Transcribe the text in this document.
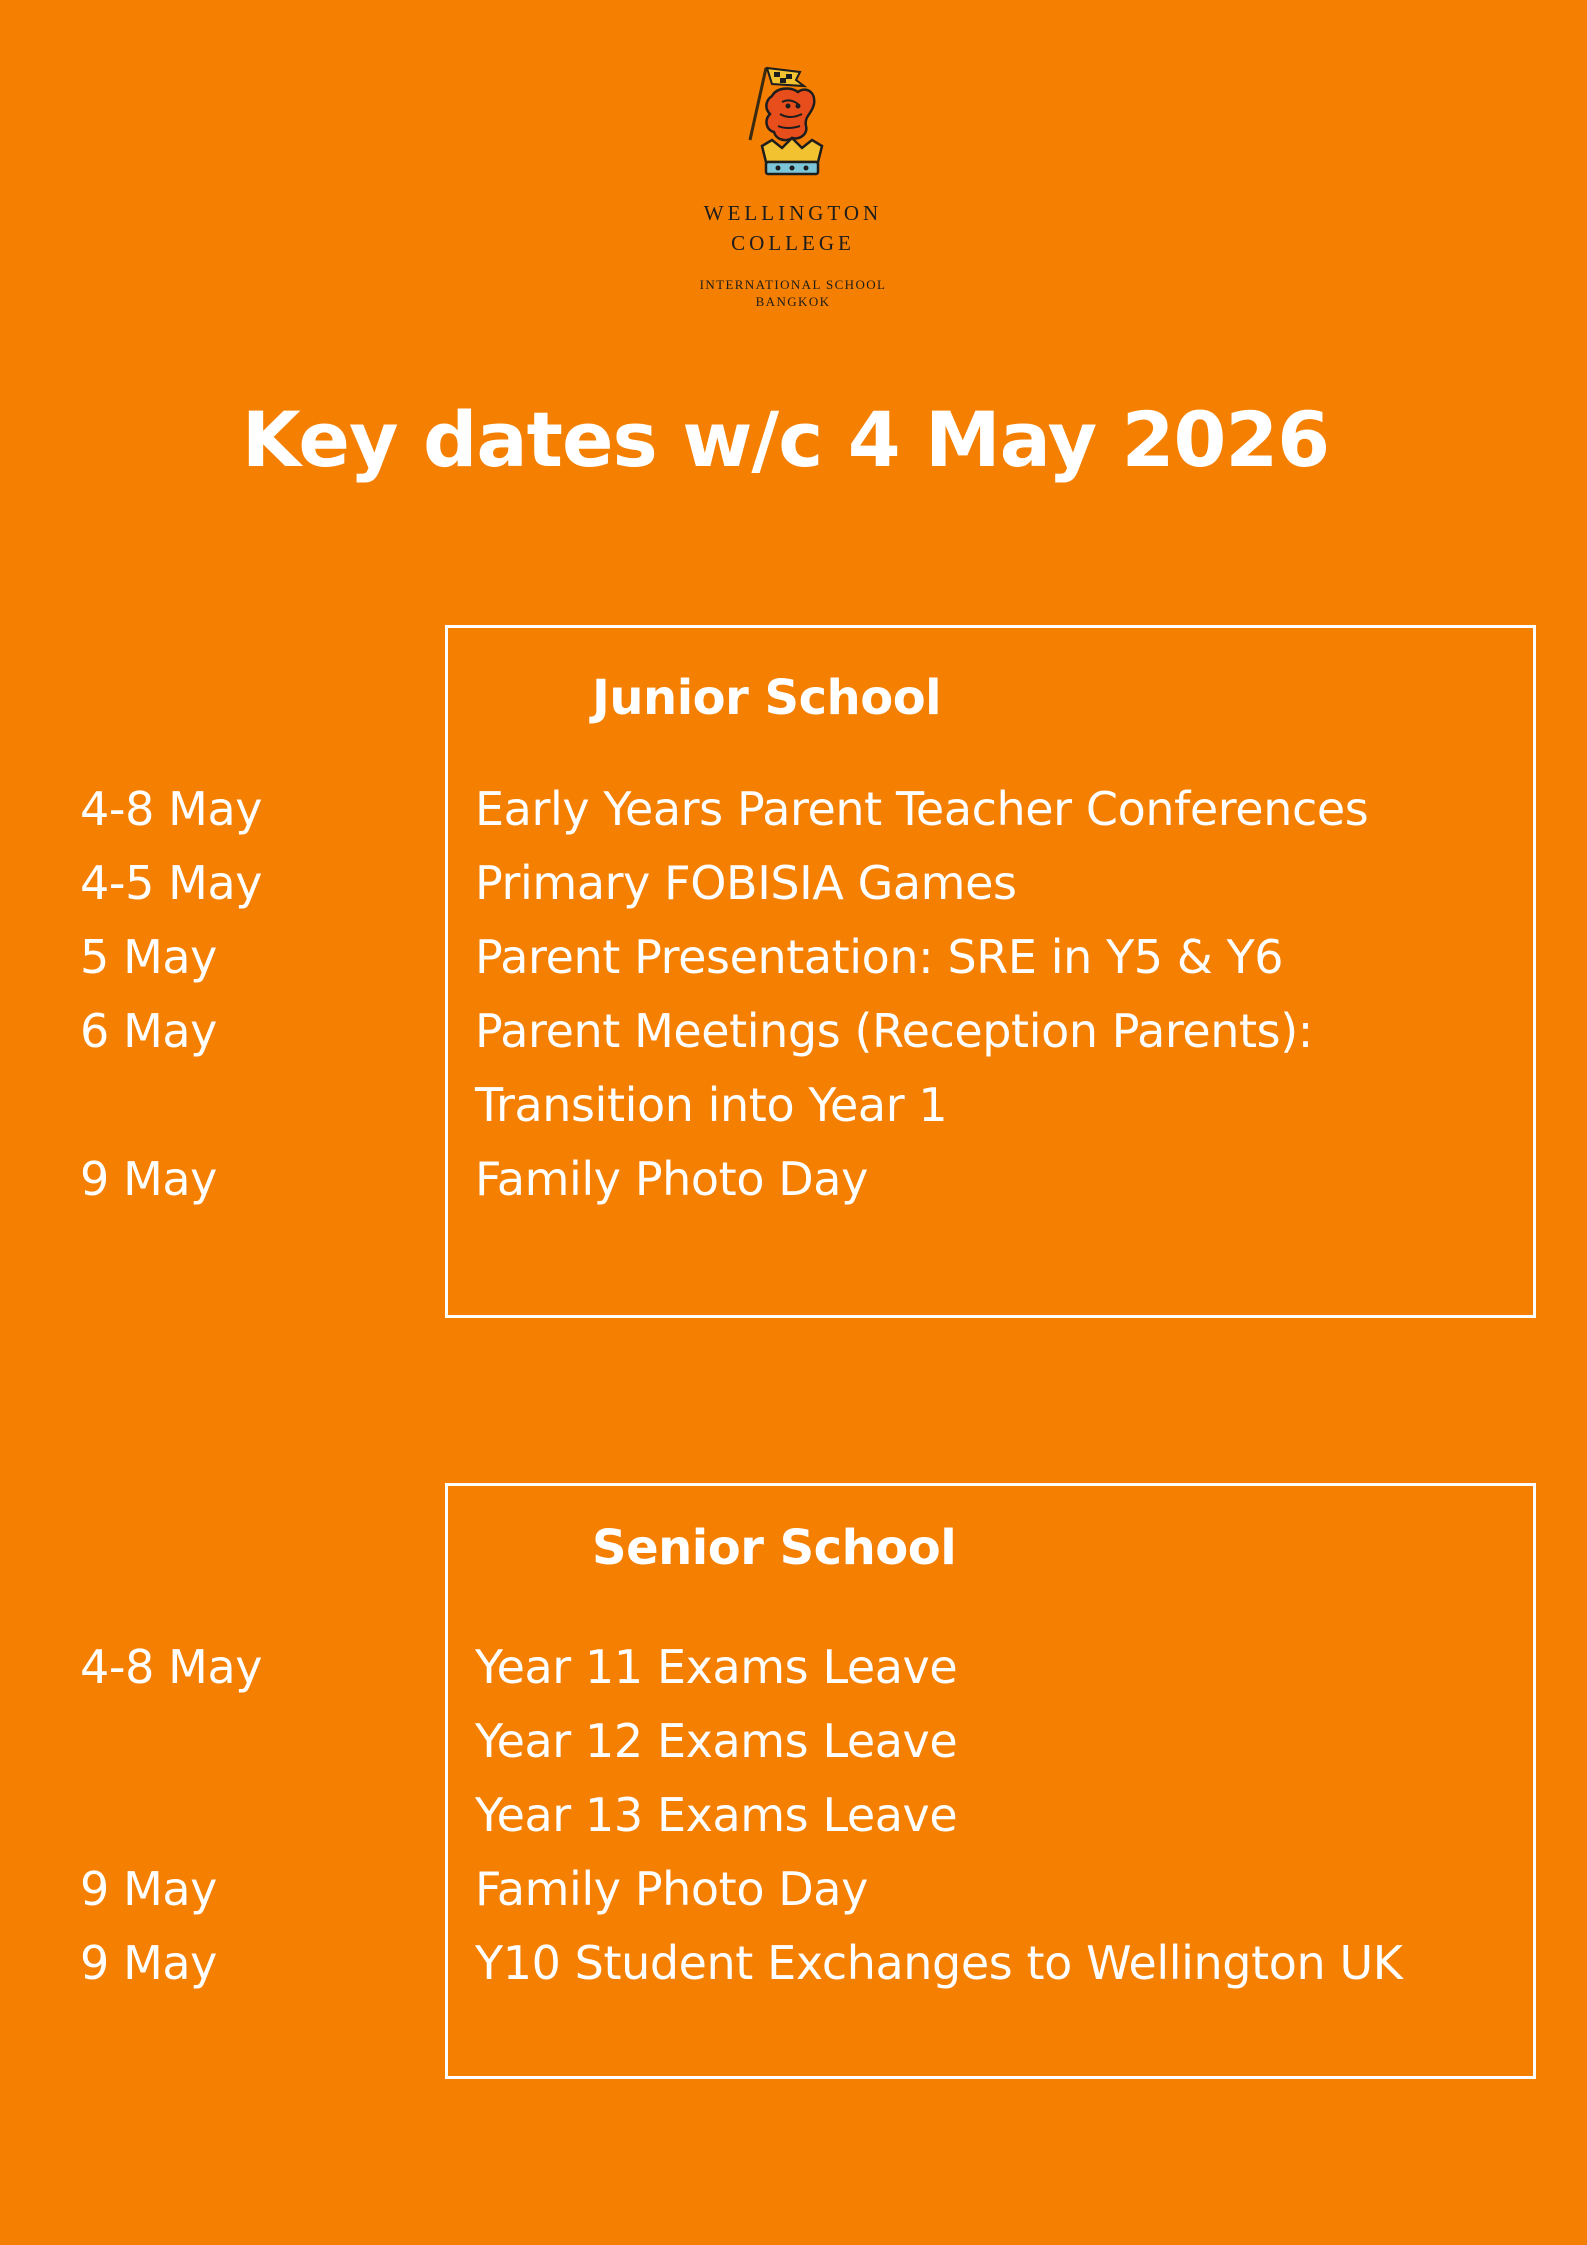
WELLINGTON
COLLEGE
INTERNATIONAL SCHOOL
BANGKOK
Key dates w/c 4 May 2026
Junior School
4-8 May	Early Years Parent Teacher Conferences
4-5 May	Primary FOBISIA Games
5 May	Parent Presentation: SRE in Y5 & Y6
6 May	Parent Meetings (Reception Parents):
Transition into Year 1
9 May	Family Photo Day
Senior School
4-8 May	Year 11 Exams Leave
Year 12 Exams Leave
Year 13 Exams Leave
9 May	Family Photo Day
9 May	Y10 Student Exchanges to Wellington UK
